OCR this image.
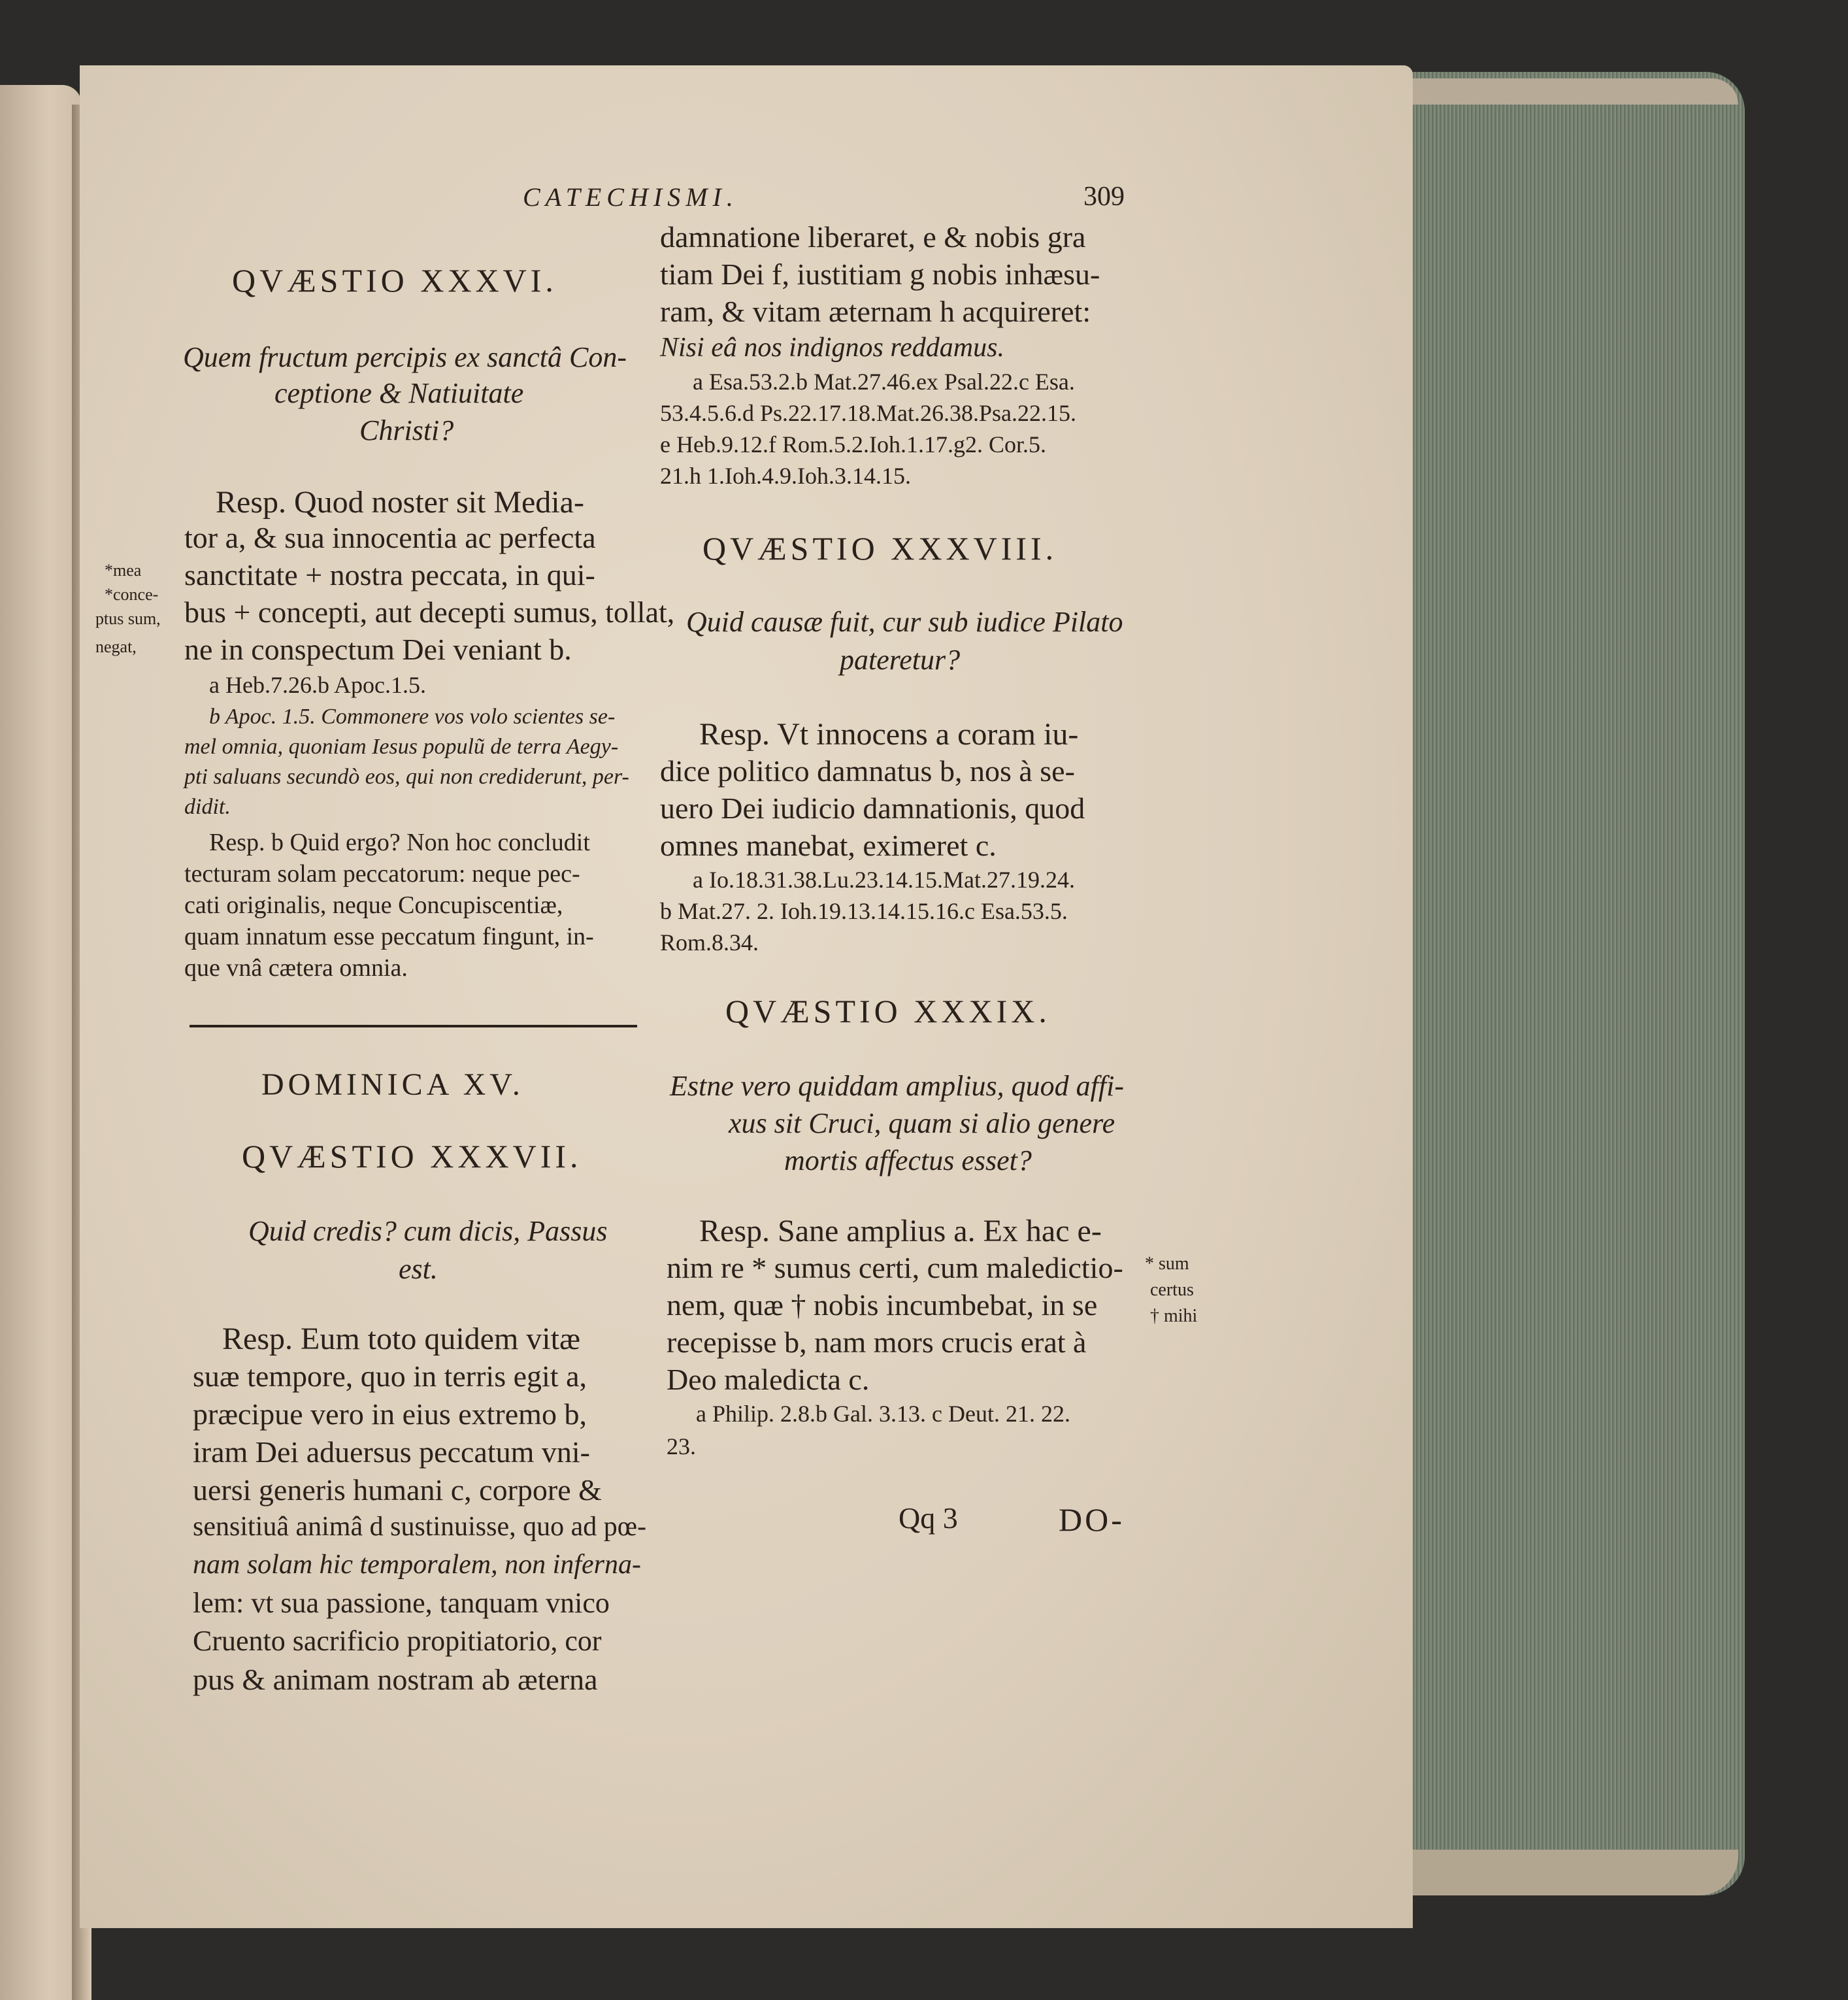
CATECHISMI.	309
QVÆSTIO XXXVI.
Quem fructum percipis ex sanctâ Con-
ceptione & Natiuitate
Christi?
Resp. Quod noster sit Media-
tor a, & sua innocentia ac perfecta
sanctitate + nostra peccata, in qui-
bus + concepti, aut decepti sumus, tollat,
ne in conspectum Dei veniant b.
a Heb.7.26.b Apoc.1.5.
b Apoc. 1.5. Commonere vos volo scientes se-
mel omnia, quoniam Iesus populũ de terra Aegy-
pti saluans secundò eos, qui non crediderunt, per-
didit.
Resp. b Quid ergo? Non hoc concludit
tecturam solam peccatorum: neque pec-
cati originalis, neque Concupiscentiæ,
quam innatum esse peccatum fingunt, in-
que vnâ cætera omnia.
*mea
*conce-
ptus sum,
negat,
DOMINICA XV.
QVÆSTIO XXXVII.
Quid credis? cum dicis, Passus
est.
Resp. Eum toto quidem vitæ
suæ tempore, quo in terris egit a,
præcipue vero in eius extremo b,
iram Dei aduersus peccatum vni-
uersi generis humani c, corpore &
sensitiuâ animâ d sustinuisse, quo ad pœ-
nam solam hic temporalem, non inferna-
lem: vt sua passione, tanquam vnico
Cruento sacrificio propitiatorio, cor
pus & animam nostram ab æterna
damnatione liberaret, e & nobis gra
tiam Dei f, iustitiam g nobis inhæsu-
ram, & vitam æternam h acquireret:
Nisi eâ nos indignos reddamus.
a Esa.53.2.b Mat.27.46.ex Psal.22.c Esa.
53.4.5.6.d Ps.22.17.18.Mat.26.38.Psa.22.15.
e Heb.9.12.f Rom.5.2.Ioh.1.17.g2. Cor.5.
21.h 1.Ioh.4.9.Ioh.3.14.15.
QVÆSTIO XXXVIII.
Quid causæ fuit, cur sub iudice Pilato
pateretur?
Resp. Vt innocens a coram iu-
dice politico damnatus b, nos à se-
uero Dei iudicio damnationis, quod
omnes manebat, eximeret c.
a Io.18.31.38.Lu.23.14.15.Mat.27.19.24.
b Mat.27. 2. Ioh.19.13.14.15.16.c Esa.53.5.
Rom.8.34.
QVÆSTIO XXXIX.
Estne vero quiddam amplius, quod affi-
xus sit Cruci, quam si alio genere
mortis affectus esset?
Resp. Sane amplius a. Ex hac e-
nim re * sumus certi, cum maledictio-
nem, quæ † nobis incumbebat, in se
recepisse b, nam mors crucis erat à
Deo maledicta c.
a Philip. 2.8.b Gal. 3.13. c Deut. 21. 22.
23.
* sum
certus
† mihi
Qq 3	DO-
